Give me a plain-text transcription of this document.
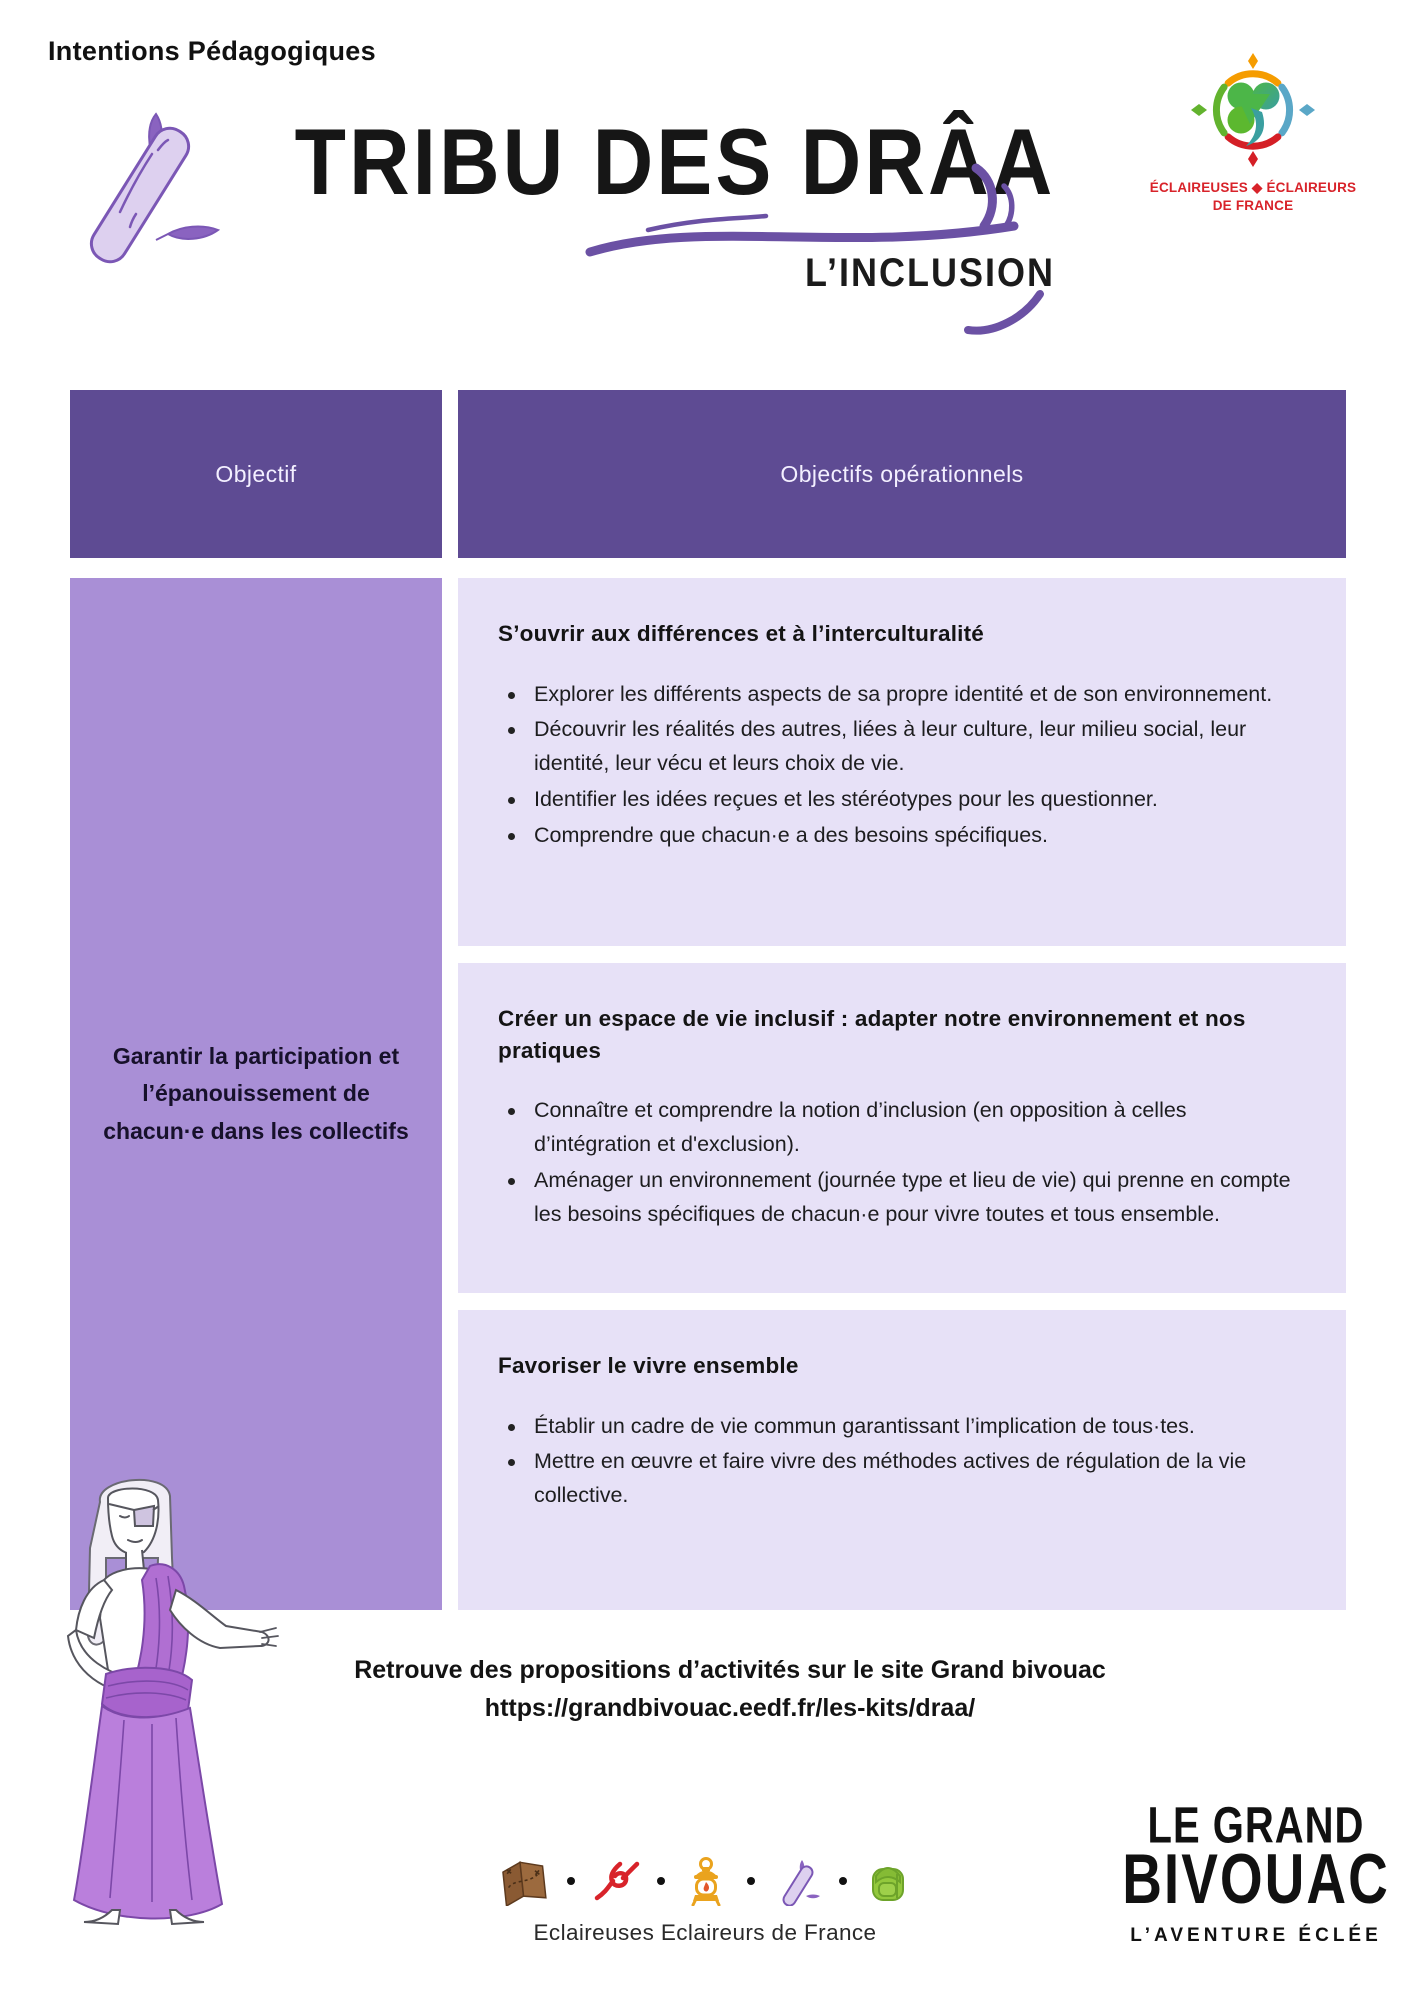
Intentions Pédagogiques
TRIBU DES DRÂA
L’INCLUSION
ÉCLAIREUSES ◆ ÉCLAIREURS
DE FRANCE
Objectif	Objectifs opérationnels
Garantir la participation et l’épanouissement de chacun·e dans les collectifs
S’ouvrir aux différences et à l’interculturalité
Explorer les différents aspects de sa propre identité et de son environnement.
Découvrir les réalités des autres, liées à leur culture, leur milieu social, leur identité, leur vécu et leurs choix de vie.
Identifier les idées reçues et les stéréotypes pour les questionner.
Comprendre que chacun·e a des besoins spécifiques.
Créer un espace de vie inclusif : adapter notre environnement et nos pratiques
Connaître et comprendre la notion d’inclusion (en opposition à celles d’intégration et d'exclusion).
Aménager un environnement (journée type et lieu de vie) qui prenne en compte les besoins spécifiques de chacun·e pour vivre toutes et tous ensemble.
Favoriser le vivre ensemble
Établir un cadre de vie commun garantissant l’implication de tous·tes.
Mettre en œuvre et faire vivre des méthodes actives de régulation de la vie collective.
Retrouve des propositions d’activités sur le site Grand bivouac
https://grandbivouac.eedf.fr/les-kits/draa/
Eclaireuses Eclaireurs de France
LE GRAND
BIVOUAC
L’AVENTURE ÉCLÉE
